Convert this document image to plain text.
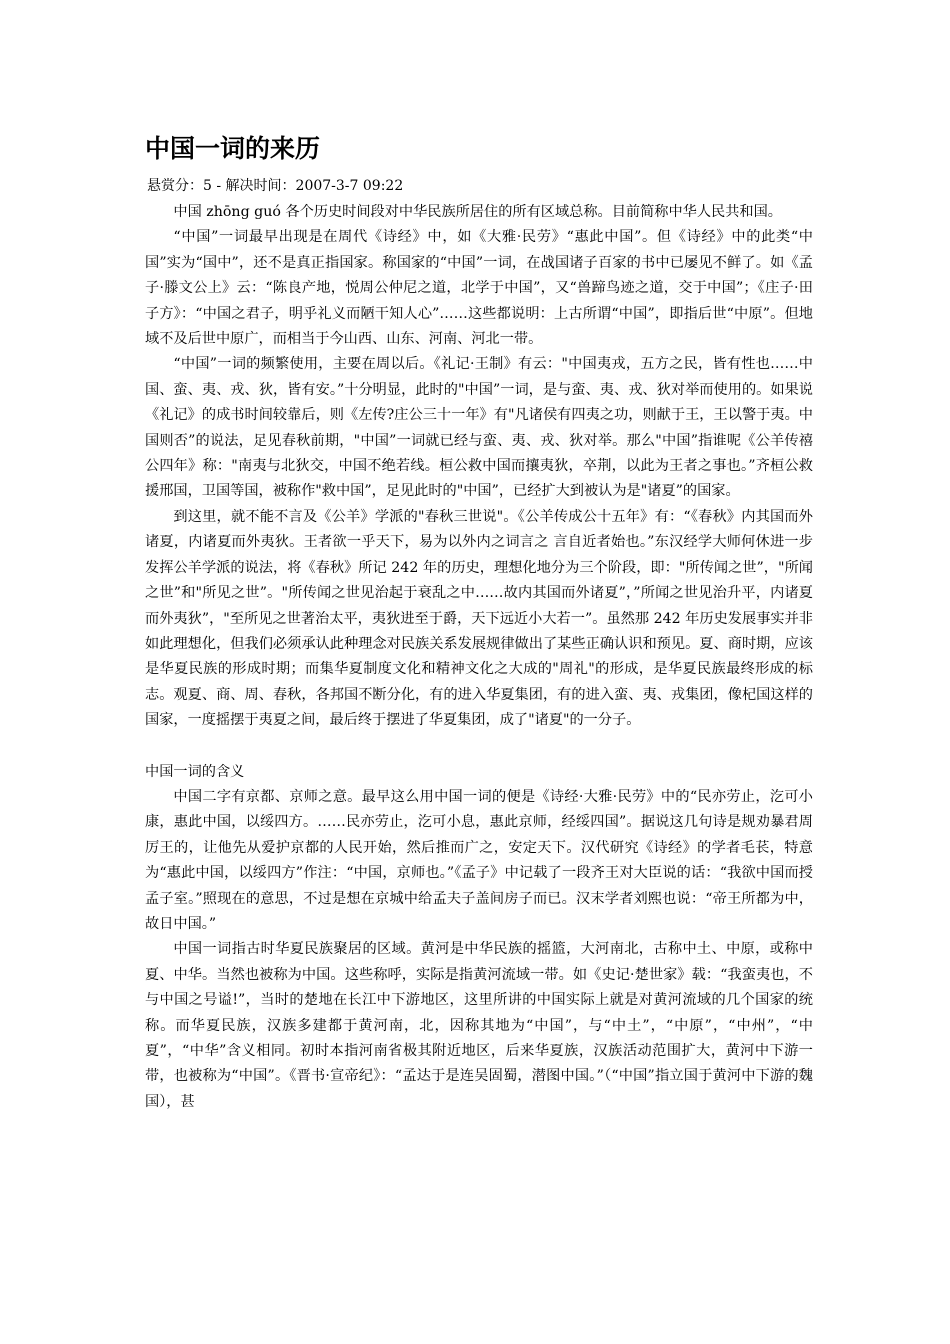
中国一词的来历
悬赏分：5 - 解决时间：2007-3-7 09:22

中国 zhōng guó 各个历史时间段对中华民族所居住的所有区域总称。目前简称中华人民共和国。

“中国”一词最早出现是在周代《诗经》中，如《大雅·民劳》“惠此中国”。但《诗经》中的此类“中国”实为“国中”，还不是真正指国家。称国家的“中国”一词，在战国诸子百家的书中已屡见不鲜了。如《孟子·滕文公上》云：“陈良产地，悦周公仲尼之道，北学于中国”，又“兽蹄鸟迹之道，交于中国”；《庄子·田子方》：“中国之君子，明乎礼义而陋干知人心”……这些都说明：上古所谓“中国”，即指后世“中原”。但地域不及后世中原广，而相当于今山西、山东、河南、河北一带。

“中国”一词的频繁使用，主要在周以后。《礼记·王制》有云："中国夷戎，五方之民，皆有性也……中国、蛮、夷、戎、狄，皆有安。”十分明显，此时的"中国”一词，是与蛮、夷、戎、狄对举而使用的。如果说《礼记》的成书时间较靠后，则《左传?庄公三十一年》有"凡诸侯有四夷之功，则献于王，王以警于夷。中国则否”的说法，足见春秋前期，"中国”一词就已经与蛮、夷、戎、狄对举。那么"中国”指谁呢《公羊传禧公四年》称："南夷与北狄交，中国不绝若线。桓公救中国而攘夷狄，卒荆，以此为王者之事也。”齐桓公救援邢国，卫国等国，被称作"救中国”，足见此时的"中国”，已经扩大到被认为是"诸夏”的国家。

到这里，就不能不言及《公羊》学派的"春秋三世说"。《公羊传成公十五年》有：“《春秋》内其国而外诸夏，内诸夏而外夷狄。王者欲一乎天下，易为以外内之词言之 言自近者始也。”东汉经学大师何休进一步发挥公羊学派的说法，将《春秋》所记 242 年的历史，理想化地分为三个阶段，即："所传闻之世”，"所闻之世”和"所见之世”。"所传闻之世见治起于衰乱之中……故内其国而外诸夏”，”所闻之世见治升平，内诸夏而外夷狄”，"至所见之世著治太平，夷狄进至于爵，天下远近小大若一”。虽然那 242 年历史发展事实并非如此理想化，但我们必须承认此种理念对民族关系发展规律做出了某些正确认识和预见。夏、商时期，应该是华夏民族的形成时期；而集华夏制度文化和精神文化之大成的"周礼"的形成，是华夏民族最终形成的标志。观夏、商、周、春秋，各邦国不断分化，有的进入华夏集团，有的进入蛮、夷、戎集团，像杞国这样的国家，一度摇摆于夷夏之间，最后终于摆进了华夏集团，成了"诸夏"的一分子。

中国一词的含义

中国二字有京都、京师之意。最早这么用中国一词的便是《诗经·大雅·民劳》中的“民亦劳止，汔可小康，惠此中国，以绥四方。……民亦劳止，汔可小息，惠此京师，经绥四国”。据说这几句诗是规劝暴君周厉王的，让他先从爱护京都的人民开始，然后推而广之，安定天下。汉代研究《诗经》的学者毛苌，特意为“惠此中国，以绥四方”作注：“中国，京师也。”《孟子》中记载了一段齐王对大臣说的话：“我欲中国而授孟子室。”照现在的意思，不过是想在京城中给孟夫子盖间房子而已。汉末学者刘熙也说：“帝王所都为中，故日中国。”

中国一词指古时华夏民族聚居的区域。黄河是中华民族的摇篮，大河南北，古称中土、中原，或称中夏、中华。当然也被称为中国。这些称呼，实际是指黄河流域一带。如《史记·楚世家》载：“我蛮夷也，不与中国之号谥!”，当时的楚地在长江中下游地区，这里所讲的中国实际上就是对黄河流域的几个国家的统称。而华夏民族，汉族多建都于黄河南，北，因称其地为“中国”，与“中土”，“中原”，“中州”，“中夏”，“中华”含义相同。初时本指河南省极其附近地区，后来华夏族，汉族活动范围扩大，黄河中下游一带，也被称为“中国”。《晋书·宣帝纪》：“孟达于是连吴固蜀，潜图中国。”（“中国”指立国于黄河中下游的魏国），甚
